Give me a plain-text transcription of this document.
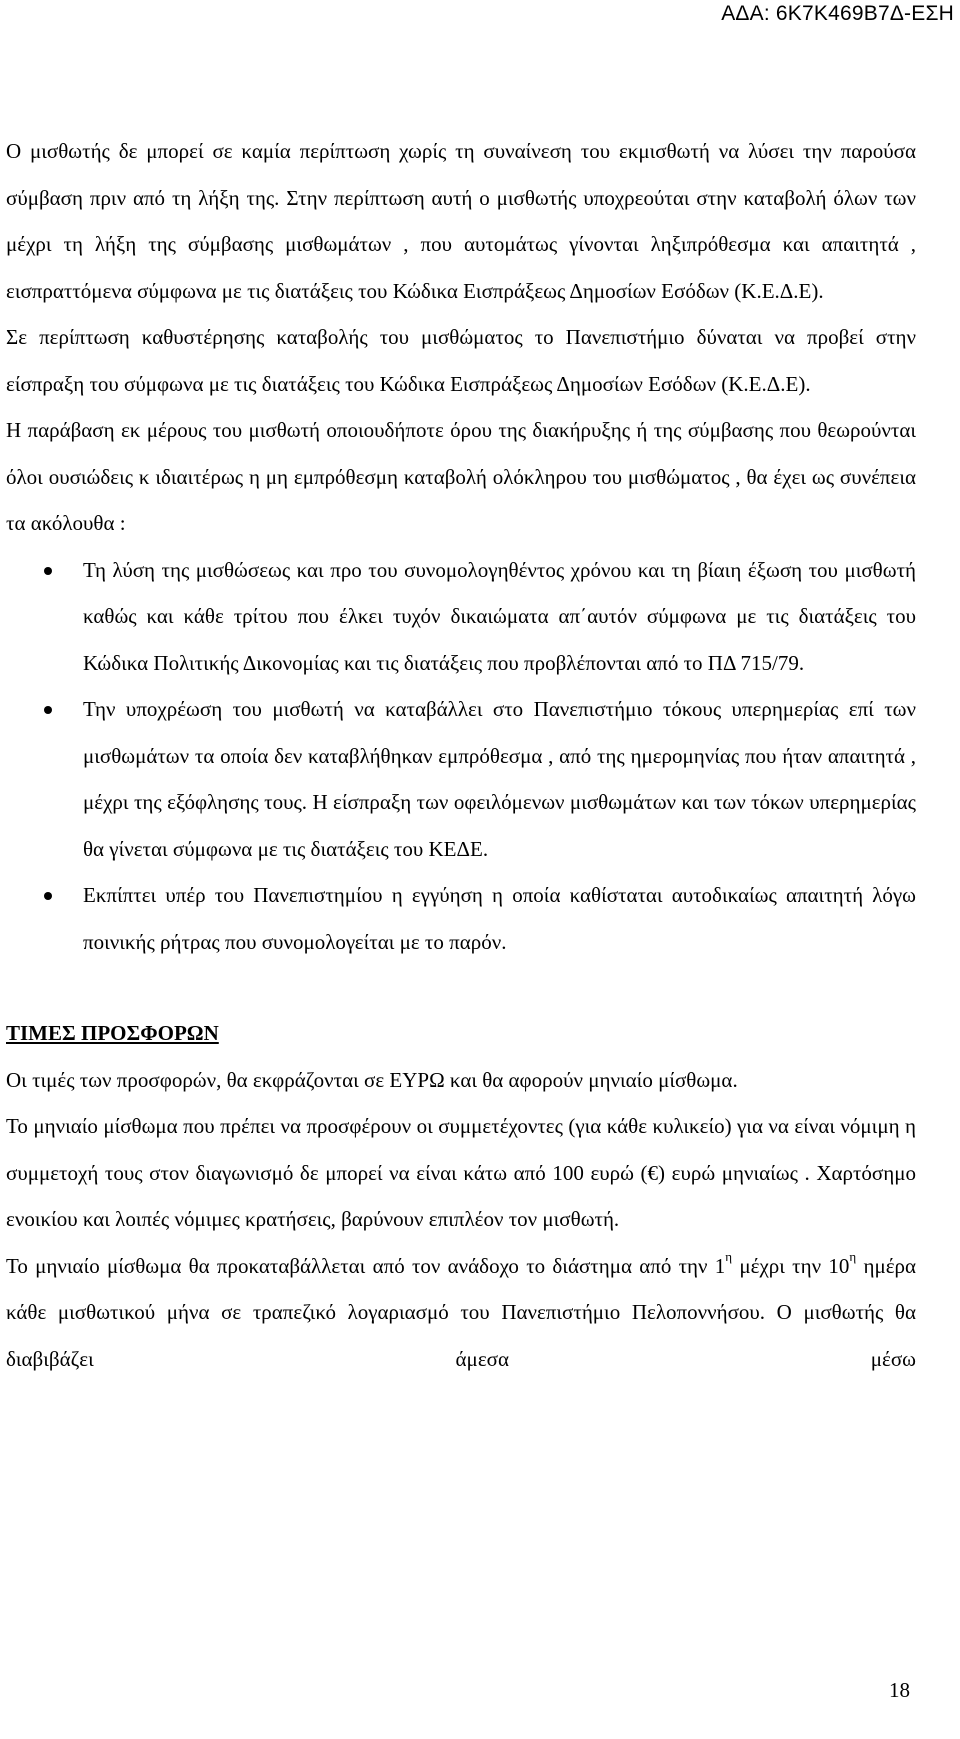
ΑΔΑ: 6Κ7Κ469Β7Δ-ΕΣΗ

Ο μισθωτής δε μπορεί σε καμία περίπτωση χωρίς τη συναίνεση του εκμισθωτή να λύσει την παρούσα σύμβαση πριν από τη λήξη της. Στην περίπτωση αυτή ο μισθωτής υποχρεούται στην καταβολή όλων των μέχρι τη λήξη της σύμβασης μισθωμάτων , που αυτομάτως γίνονται ληξιπρόθεσμα και απαιτητά , εισπραττόμενα σύμφωνα με τις διατάξεις του Κώδικα Εισπράξεως Δημοσίων Εσόδων (Κ.Ε.Δ.Ε).

Σε περίπτωση καθυστέρησης καταβολής του μισθώματος το Πανεπιστήμιο δύναται να προβεί στην είσπραξη του σύμφωνα με τις διατάξεις του Κώδικα Εισπράξεως Δημοσίων Εσόδων (Κ.Ε.Δ.Ε).

Η παράβαση εκ μέρους του μισθωτή οποιουδήποτε όρου της διακήρυξης ή της σύμβασης που θεωρούνται όλοι ουσιώδεις κ ιδιαιτέρως η μη εμπρόθεσμη καταβολή ολόκληρου του μισθώματος , θα έχει ως συνέπεια τα ακόλουθα :

Τη λύση της μισθώσεως και προ του συνομολογηθέντος χρόνου και τη βίαιη έξωση του μισθωτή καθώς και κάθε τρίτου που έλκει τυχόν δικαιώματα απ΄αυτόν σύμφωνα με τις διατάξεις του Κώδικα Πολιτικής Δικονομίας και τις διατάξεις που προβλέπονται από το ΠΔ 715/79.
Την υποχρέωση του μισθωτή να καταβάλλει στο Πανεπιστήμιο τόκους υπερημερίας επί των μισθωμάτων τα οποία δεν καταβλήθηκαν εμπρόθεσμα , από της ημερομηνίας που ήταν απαιτητά , μέχρι της εξόφλησης τους. Η είσπραξη των οφειλόμενων μισθωμάτων και των τόκων υπερημερίας θα γίνεται σύμφωνα με τις διατάξεις του ΚΕΔΕ.
Εκπίπτει υπέρ του Πανεπιστημίου η εγγύηση η οποία καθίσταται αυτοδικαίως απαιτητή λόγω ποινικής ρήτρας που συνομολογείται με το παρόν.

ΤΙΜΕΣ ΠΡΟΣΦΟΡΩΝ

Οι τιμές των προσφορών, θα εκφράζονται σε ΕΥΡΩ και θα αφορούν μηνιαίο μίσθωμα.

Το μηνιαίο μίσθωμα που πρέπει να προσφέρουν οι συμμετέχοντες (για κάθε κυλικείο) για να είναι νόμιμη η συμμετοχή τους στον διαγωνισμό δε μπορεί να είναι κάτω από 100 ευρώ (€) ευρώ μηνιαίως . Χαρτόσημο ενοικίου και λοιπές νόμιμες κρατήσεις, βαρύνουν επιπλέον τον μισθωτή.

Το μηνιαίο μίσθωμα θα προκαταβάλλεται από τον ανάδοχο το διάστημα από την $1^\eta$ μέχρι την $10^\eta$ ημέρα κάθε μισθωτικού μήνα σε τραπεζικό λογαριασμό του Πανεπιστήμιο Πελοποννήσου. Ο μισθωτής θα διαβιβάζει άμεσα μέσω

18
